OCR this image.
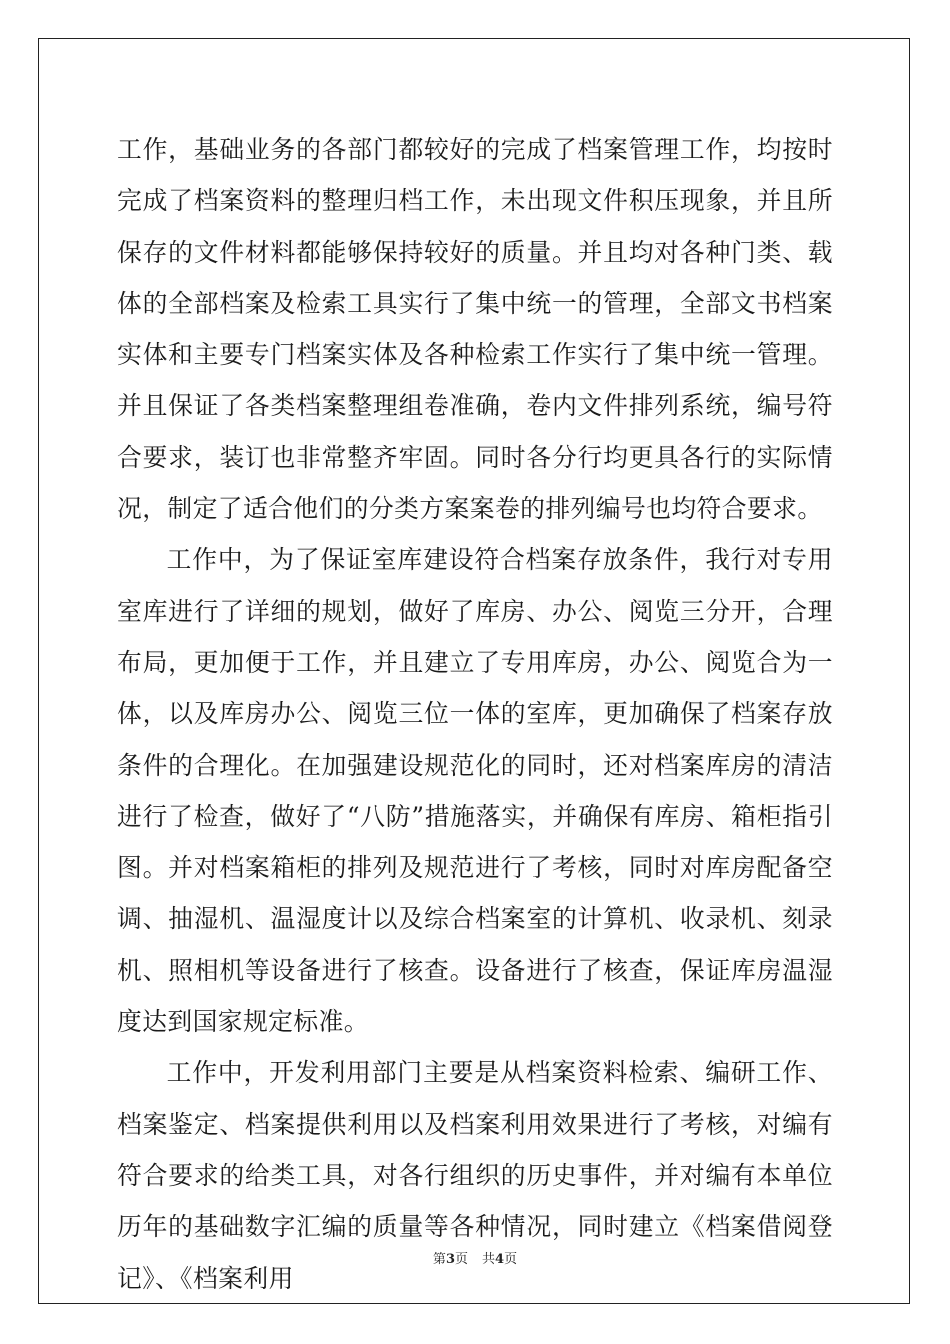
工作，基础业务的各部门都较好的完成了档案管理工作，均按时完成了档案资料的整理归档工作，未出现文件积压现象，并且所保存的文件材料都能够保持较好的质量。并且均对各种门类、载体的全部档案及检索工具实行了集中统一的管理，全部文书档案实体和主要专门档案实体及各种检索工作实行了集中统一管理。并且保证了各类档案整理组卷准确，卷内文件排列系统，编号符合要求，装订也非常整齐牢固。同时各分行均更具各行的实际情况，制定了适合他们的分类方案案卷的排列编号也均符合要求。

工作中，为了保证室库建设符合档案存放条件，我行对专用室库进行了详细的规划，做好了库房、办公、阅览三分开，合理布局，更加便于工作，并且建立了专用库房，办公、阅览合为一体，以及库房办公、阅览三位一体的室库，更加确保了档案存放条件的合理化。在加强建设规范化的同时，还对档案库房的清洁进行了检查，做好了“八防”措施落实，并确保有库房、箱柜指引图。并对档案箱柜的排列及规范进行了考核，同时对库房配备空调、抽湿机、温湿度计以及综合档案室的计算机、收录机、刻录机、照相机等设备进行了核查。设备进行了核查，保证库房温湿度达到国家规定标准。

工作中，开发利用部门主要是从档案资料检索、编研工作、档案鉴定、档案提供利用以及档案利用效果进行了考核，对编有符合要求的给类工具，对各行组织的历史事件，并对编有本单位历年的基础数字汇编的质量等各种情况，同时建立《档案借阅登记》、《档案利用

第3页 共4页
